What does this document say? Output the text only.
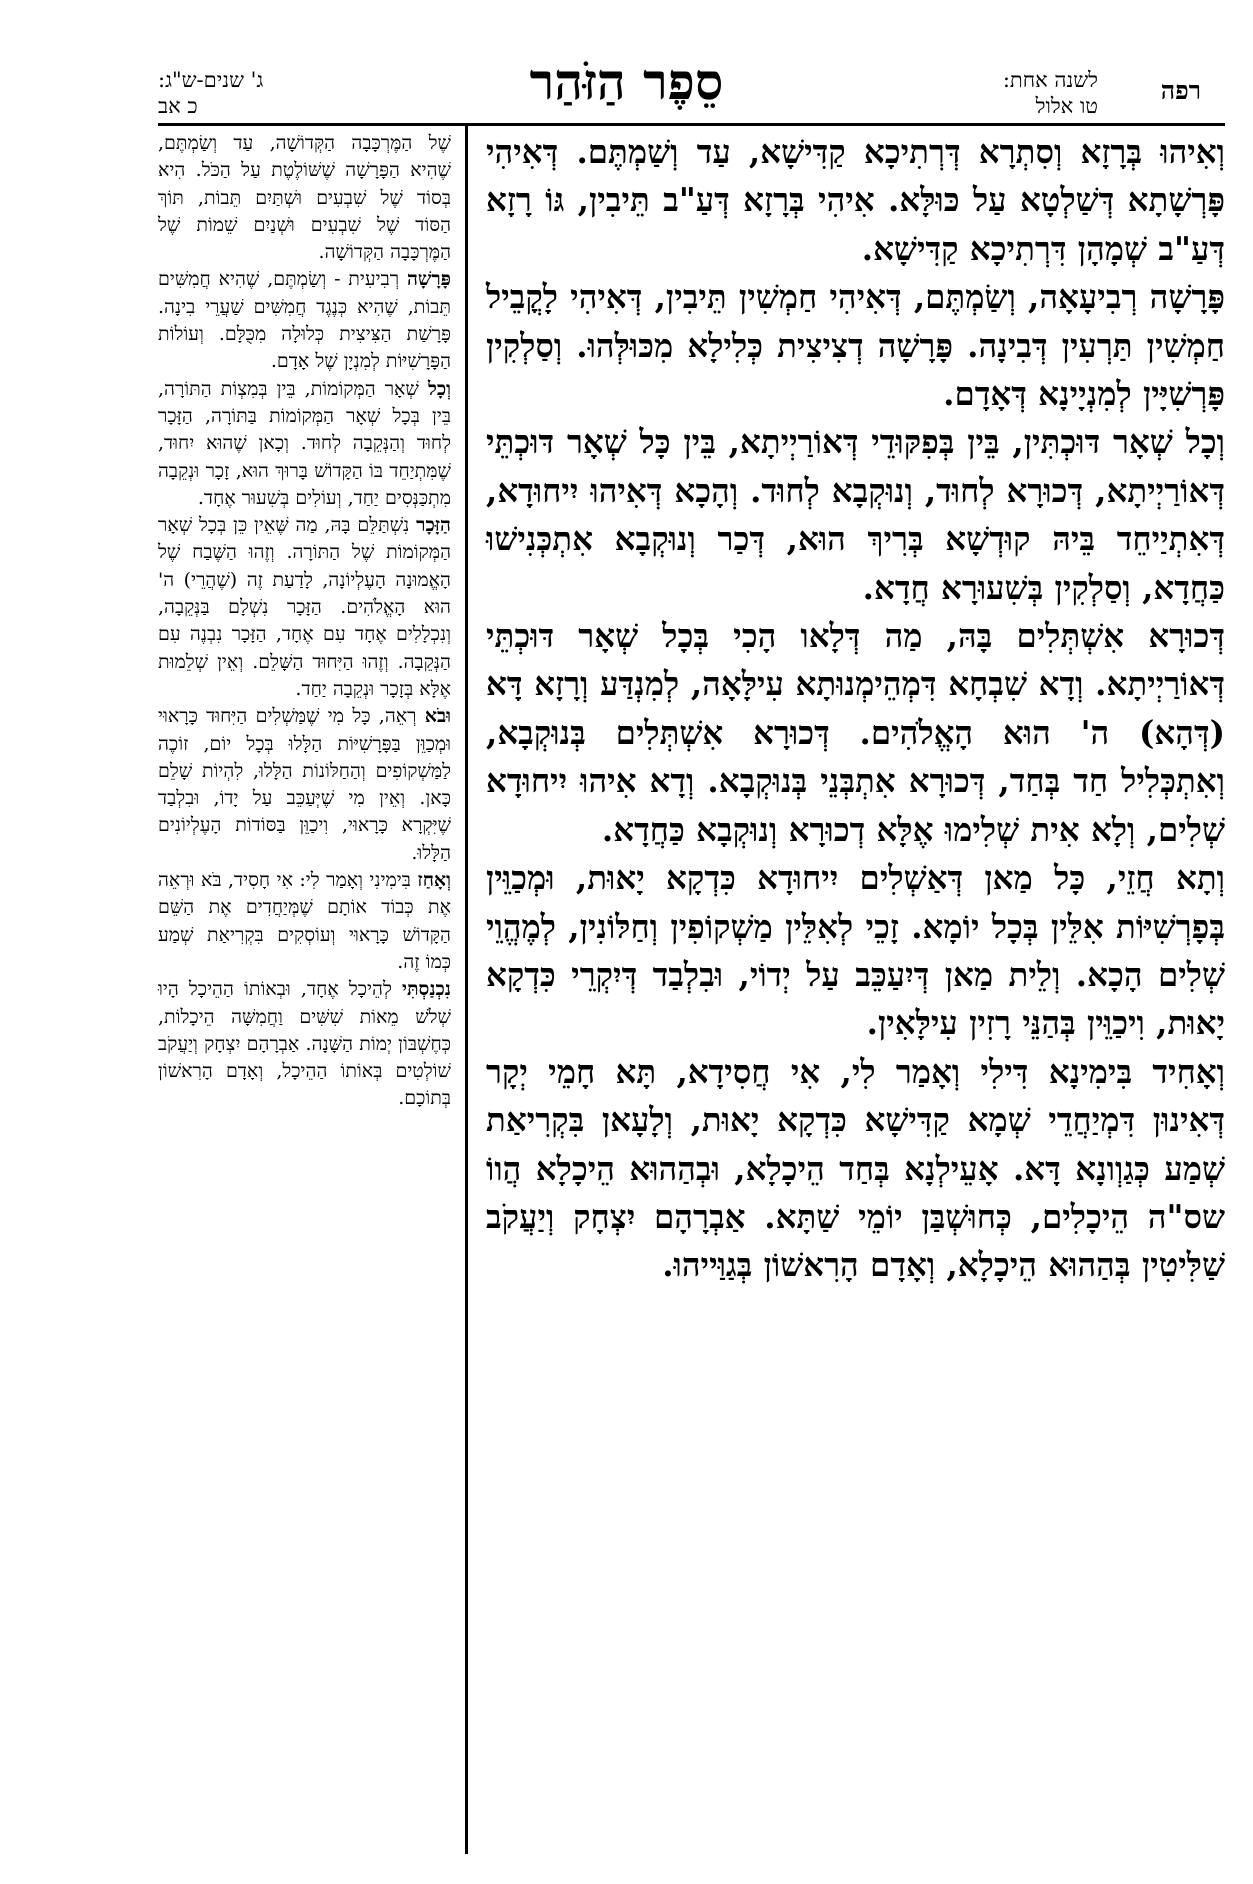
רפה
לשנה אחת:
טו אלול
סֵפֶר הַזֹּהַר
ג' שנים-ש"ג:
כ אב

וְאִיהוּ בְּרָזָא וְסִתְרָא דְּרְתִיכָא קַדִּישָׁא, עַד וְשַׁמְתֶּם. דְּאִיהִי פָּרְשָׁתָא דְּשַׁלְטָא עַל כּוּלָּא. אִיהִי בְּרָזָא דְּעַ"ב תֵּיבִין, גּוֹ רָזָא דְּעַ"ב שְׁמָהָן דִּרְתִיכָא קַדִּישָׁא.

פָּרָשָׁה רְבִיעָאָה, וְשַׂמְתֶּם, דְּאִיהִי חַמְשִׁין תֵּיבִין, דְּאִיהִי לָקֳבֵיל חַמְשִׁין תַּרְעִין דְּבִינָה. פָּרָשָׁה דְצִיצִית כְּלִילָא מִכּוּלְּהוּ. וְסַלְקִין פָּרְשִׁיָּין לְמִנְיָינָא דְּאָדָם.

וְכָל שְׁאָר דּוּכְתִּין, בֵּין בְּפִקּוּדֵי דְּאוֹרַיְיתָא, בֵּין כָּל שְׁאָר דּוּכְתֵּי דְּאוֹרַיְיתָא, דְּכוּרָא לְחוּד, וְנוּקְבָא לְחוּד. וְהָכָא דְּאִיהוּ יִיחוּדָא, דְּאִתְיַיחֵד בֵּיהּ קוּדְשָׁא בְּרִיךְ הוּא, דְּכַר וְנוּקְבָא אִתְכְּנִישׁוּ כַּחֲדָא, וְסַלְקִין בְּשִׁעוּרָא חֲדָא.

דְּכוּרָא אִשְׁתְּלִים בָּהּ, מַה דְּלָאו הָכִי בְּכָל שְׁאָר דּוּכְתֵּי דְּאוֹרַיְיתָא. וְדָא שִׁבְחָא דִּמְהֵימְנוּתָא עִילָּאָה, לְמִנְדַּע וְרָזָא דָּא (דְּהָא) ה' הוּא הָאֱלֹהִים. דְּכוּרָא אִשְׁתְּלִים בְּנוּקְבָא, וְאִתְכְּלִיל חַד בְּחַד, דְּכוּרָא אִתְבְּנֵי בְּנוּקְבָא. וְדָא אִיהוּ יִיחוּדָא שְׁלִים, וְלָא אִית שְׁלִימוּ אֶלָּא דְכוּרָא וְנוּקְבָא כַּחֲדָא.

וְתָא חֲזֵי, כָּל מַאן דְּאַשְׁלִים יִיחוּדָא כִּדְקָא יָאוּת, וּמְכַוֵּין בְּפָרְשִׁיּוֹת אִלֵּין בְּכָל יוֹמָא. זָכֵי לְאִלֵּין מַשְׁקוֹפִין וְחַלּוֹנִין, לְמֶהֱוֵי שְׁלִים הָכָא. וְלֵית מַאן דְּיִעַכֵּב עַל יְדוֹי, וּבִלְבַד דְּיִקְרֵי כִּדְקָא יָאוּת, וִיכַוֵּין בְּהַנֵּי רָזִין עִילָּאִין.

וְאָחִיד בִּימִינָא דִּילִי וְאָמַר לִי, אִי חֲסִידָא, תָּא חָמֵי יְקָר דְּאִינוּן דִּמְיַחֲדֵי שְׁמָא קַדִּישָׁא כִּדְקָא יָאוּת, וְלָעָאן בִּקְרִיאַת שְׁמַע כְּגַוְונָא דָּא. אָעֵילְנָא בְּחַד הֵיכָלָא, וּבְהַהוּא הֵיכָלָא הֲווֹ שס"ה הֵיכָלִים, כְּחוּשְׁבַּן יוֹמֵי שַׁתָּא. אַבְרָהָם יִצְחָק וְיַעֲקֹב שַׁלִּיטִין בְּהַהוּא הֵיכָלָא, וְאָדָם הָרִאשׁוֹן בְּגַוַּייהוּ.

שֶׁל הַמֶּרְכָּבָה הַקְּדוֹשָׁה, עַד וְשַׂמְתֶּם, שֶׁהִיא הַפָּרָשָׁה שֶׁשּׁוֹלֶטֶת עַל הַכֹּל. הִיא בְּסוֹד שֶׁל שִׁבְעִים וּשְׁתַּיִם תֵּבוֹת, תּוֹךְ הַסּוֹד שֶׁל שִׁבְעִים וּשְׁנַיִם שֵׁמוֹת שֶׁל הַמֶּרְכָּבָה הַקְּדוֹשָׁה.

פָּרָשָׁה רְבִיעִית - וְשַׂמְתֶּם, שֶׁהִיא חֲמִשִּׁים תֵּבוֹת, שֶׁהִיא כְּנֶגֶד חֲמִשִּׁים שַׁעֲרֵי בִינָה. פָּרָשַׁת הַצִּיצִית כְּלוּלָה מִכֻּלָּם. וְעוֹלוֹת הַפָּרָשִׁיּוֹת לְמִנְיָן שֶׁל אָדָם.

וְכָל שְׁאָר הַמְּקוֹמוֹת, בֵּין בְּמִצְוֹת הַתּוֹרָה, בֵּין בְּכָל שְׁאָר הַמְּקוֹמוֹת בַּתּוֹרָה, הַזָּכָר לְחוּד וְהַנְּקֵבָה לְחוּד. וְכָאן שֶׁהוּא יִחוּד, שֶׁמִּתְיַחֵד בּוֹ הַקָּדוֹשׁ בָּרוּךְ הוּא, זָכָר וּנְקֵבָה מִתְכַּנְּסִים יַחַד, וְעוֹלִים בְּשִׁעוּר אֶחָד.

הַזָּכָר נִשְׁתַּלֵּם בָּהּ, מַה שֶּׁאֵין כֵּן בְּכָל שְׁאָר הַמְּקוֹמוֹת שֶׁל הַתּוֹרָה. וְזֶהוּ הַשֶּׁבַח שֶׁל הָאֱמוּנָה הָעֶלְיוֹנָה, לָדַעַת זֶה (שֶׁהֲרֵי) ה' הוּא הָאֱלֹהִים. הַזָּכָר נִשְׁלָם בַּנְּקֵבָה, וְנִכְלָלִים אֶחָד עִם אֶחָד, הַזָּכָר נִבְנֶה עִם הַנְּקֵבָה. וְזֶהוּ הַיִּחוּד הַשָּׁלֵם. וְאֵין שְׁלֵמוּת אֶלָּא בְּזָכָר וּנְקֵבָה יַחַד.

וּבֹא רְאֵה, כָּל מִי שֶׁמַּשְׁלִים הַיִּחוּד כָּרָאוּי וּמְכַוֵּן בַּפָּרָשִׁיּוֹת הַלָּלוּ בְּכָל יוֹם, זוֹכֶה לַמַּשְׁקוֹפִים וְהַחַלּוֹנוֹת הַלָּלוּ, לִהְיוֹת שָׁלֵם כָּאן. וְאֵין מִי שֶׁיְּעַכֵּב עַל יָדוֹ, וּבִלְבַד שֶׁיִּקְרָא כָּרָאוּי, וִיכַוֵּן בַּסּוֹדוֹת הָעֶלְיוֹנִים הַלָּלוּ.

וְאָחַז בִּימִינִי וְאָמַר לִי: אִי חָסִיד, בֹּא וּרְאֵה אֶת כְּבוֹד אוֹתָם שֶׁמְּיַחֲדִים אֶת הַשֵּׁם הַקָּדוֹשׁ כָּרָאוּי וְעוֹסְקִים בִּקְרִיאַת שְׁמַע כְּמוֹ זֶה.

נִכְנַסְתִּי לְהֵיכָל אֶחָד, וּבְאוֹתוֹ הַהֵיכָל הָיוּ שְׁלֹשׁ מֵאוֹת שִׁשִּׁים וַחֲמִשָּׁה הֵיכָלוֹת, כְּחֶשְׁבּוֹן יְמוֹת הַשָּׁנָה. אַבְרָהָם יִצְחָק וְיַעֲקֹב שׁוֹלְטִים בְּאוֹתוֹ הַהֵיכָל, וְאָדָם הָרִאשׁוֹן בְּתוֹכָם.
